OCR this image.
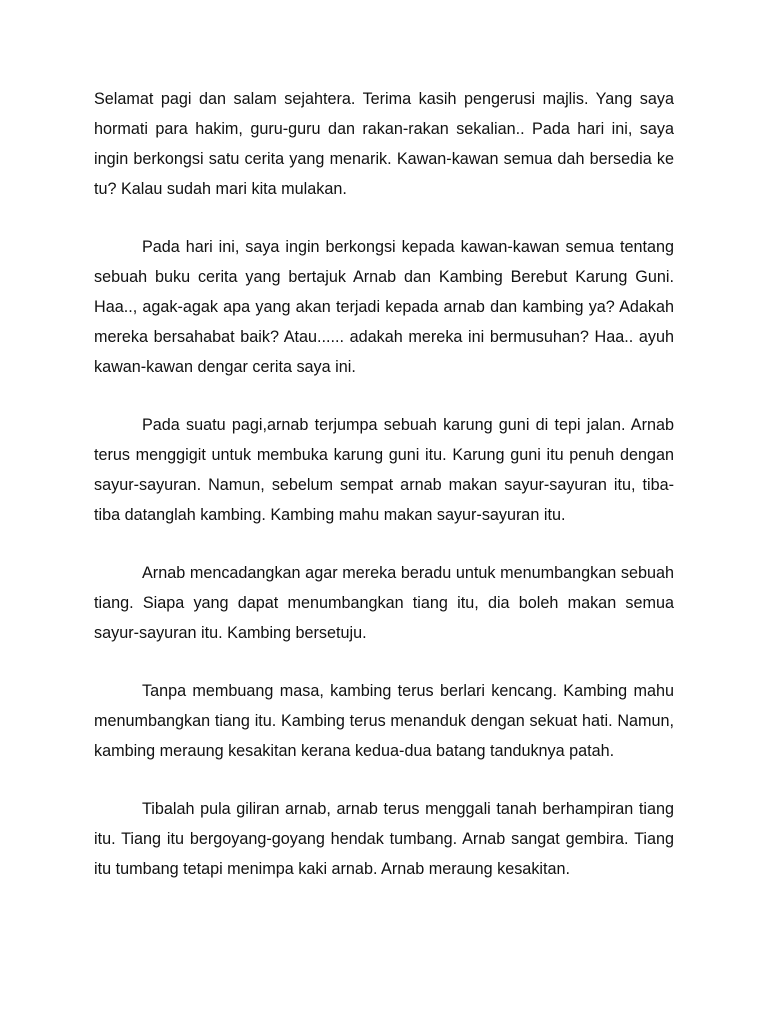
Selamat pagi dan salam sejahtera. Terima kasih pengerusi majlis. Yang saya hormati para hakim, guru-guru dan rakan-rakan sekalian.. Pada hari ini, saya ingin berkongsi satu cerita yang menarik. Kawan-kawan semua dah bersedia ke tu? Kalau sudah mari kita mulakan.

Pada hari ini, saya ingin berkongsi kepada kawan-kawan semua tentang sebuah buku cerita yang bertajuk Arnab dan Kambing Berebut Karung Guni. Haa.., agak-agak apa yang akan terjadi kepada arnab dan kambing ya? Adakah mereka bersahabat baik? Atau...... adakah mereka ini bermusuhan? Haa.. ayuh kawan-kawan dengar cerita saya ini.

Pada suatu pagi,arnab terjumpa sebuah karung guni di tepi jalan. Arnab terus menggigit untuk membuka karung guni itu. Karung guni itu penuh dengan sayur-sayuran. Namun, sebelum sempat arnab makan sayur-sayuran itu, tiba-tiba datanglah kambing. Kambing mahu makan sayur-sayuran itu.

Arnab mencadangkan agar mereka beradu untuk menumbangkan sebuah tiang. Siapa yang dapat menumbangkan tiang itu, dia boleh makan semua sayur-sayuran itu. Kambing bersetuju.

Tanpa membuang masa, kambing terus berlari kencang. Kambing mahu menumbangkan tiang itu. Kambing terus menanduk dengan sekuat hati. Namun, kambing meraung kesakitan kerana kedua-dua batang tanduknya patah.

Tibalah pula giliran arnab, arnab terus menggali tanah berhampiran tiang itu. Tiang itu bergoyang-goyang hendak tumbang. Arnab sangat gembira. Tiang itu tumbang tetapi menimpa kaki arnab. Arnab meraung kesakitan.
